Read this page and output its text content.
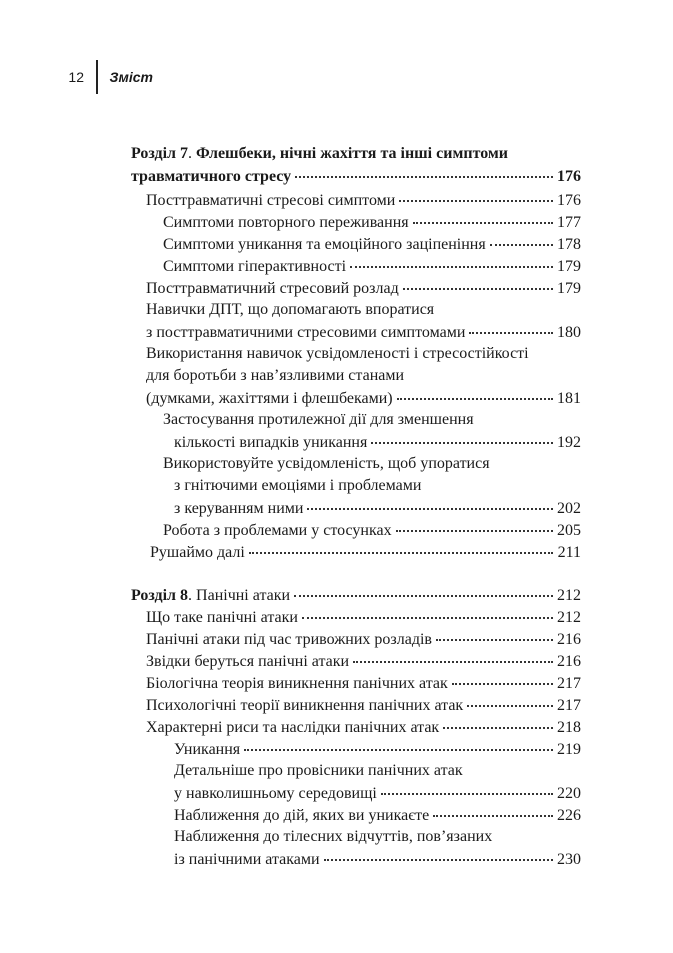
12 Зміст
Розділ 7. Флешбеки, нічні жахіття та інші симптоми
травматичного стресу	176
Посттравматичні стресові симптоми	176
Симптоми повторного переживання	177
Симптоми уникання та емоційного заціпеніння	178
Симптоми гіперактивності	179
Посттравматичний стресовий розлад	179
Навички ДПТ, що допомагають впоратися
з посттравматичними стресовими симптомами	180
Використання навичок усвідомленості і стресостійкості
для боротьби з нав’язливими станами
(думками, жахіттями і флешбеками)	181
Застосування протилежної дії для зменшення
кількості випадків уникання	192
Використовуйте усвідомленість, щоб упоратися
з гнітючими емоціями і проблемами
з керуванням ними	202
Робота з проблемами у стосунках	205
Рушаймо далі	211
Розділ 8. Панічні атаки	212
Що таке панічні атаки	212
Панічні атаки під час тривожних розладів	216
Звідки беруться панічні атаки	216
Біологічна теорія виникнення панічних атак	217
Психологічні теорії виникнення панічних атак	217
Характерні риси та наслідки панічних атак	218
Уникання	219
Детальніше про провісники панічних атак
у навколишньому середовищі	220
Наближення до дій, яких ви уникаєте	226
Наближення до тілесних відчуттів, пов’язаних
із панічними атаками	230
